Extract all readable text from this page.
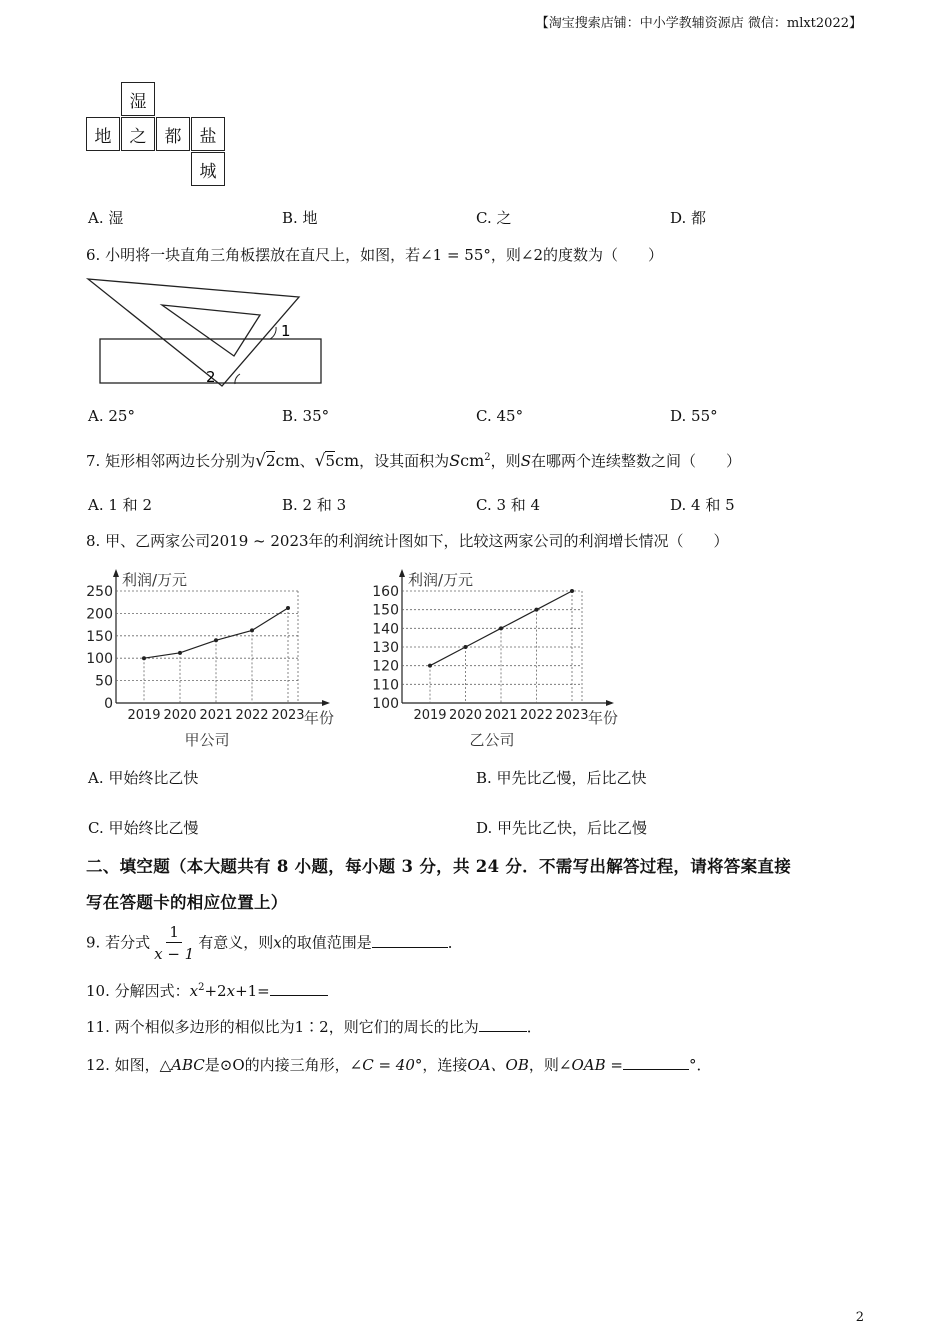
【淘宝搜索店铺：中小学教辅资源店 微信：mlxt2022】
湿
地	之	都	盐
城
A. 湿	B. 地	C. 之	D. 都
6. 小明将一块直角三角板摆放在直尺上，如图，若∠1 = 55°，则∠2的度数为（　　）
1
2
A. 25°	B. 35°	C. 45°	D. 55°
7. 矩形相邻两边长分别为√2cm、√5cm，设其面积为Scm$^2$，则S在哪两个连续整数之间（　　）
A. 1 和 2	B. 2 和 3	C. 3 和 4	D. 4 和 5
8. 甲、乙两家公司2019 ~ 2023年的利润统计图如下，比较这两家公司的利润增长情况（　　）
0
50
100
150
200
250
2019 2020 2021 2022 2023
利润/万元
年份
甲公司
100
110
120
130
140
150
160
2019 2020 2021 2022 2023
利润/万元
年份
乙公司
A. 甲始终比乙快	B. 甲先比乙慢，后比乙快
C. 甲始终比乙慢	D. 甲先比乙快，后比乙慢
二、填空题（本大题共有 8 小题，每小题 3 分，共 24 分．不需写出解答过程，请将答案直接
写在答题卡的相应位置上）
9. 若分式 $\frac{1}{x - 1}$ 有意义，则x的取值范围是	．
10. 分解因式：$x^2+2x+1=$
11. 两个相似多边形的相似比为1∶2，则它们的周长的比为	．
12. 如图，△ABC是⊙O的内接三角形，∠C = 40°，连接OA、OB，则∠OAB =	°．
2
